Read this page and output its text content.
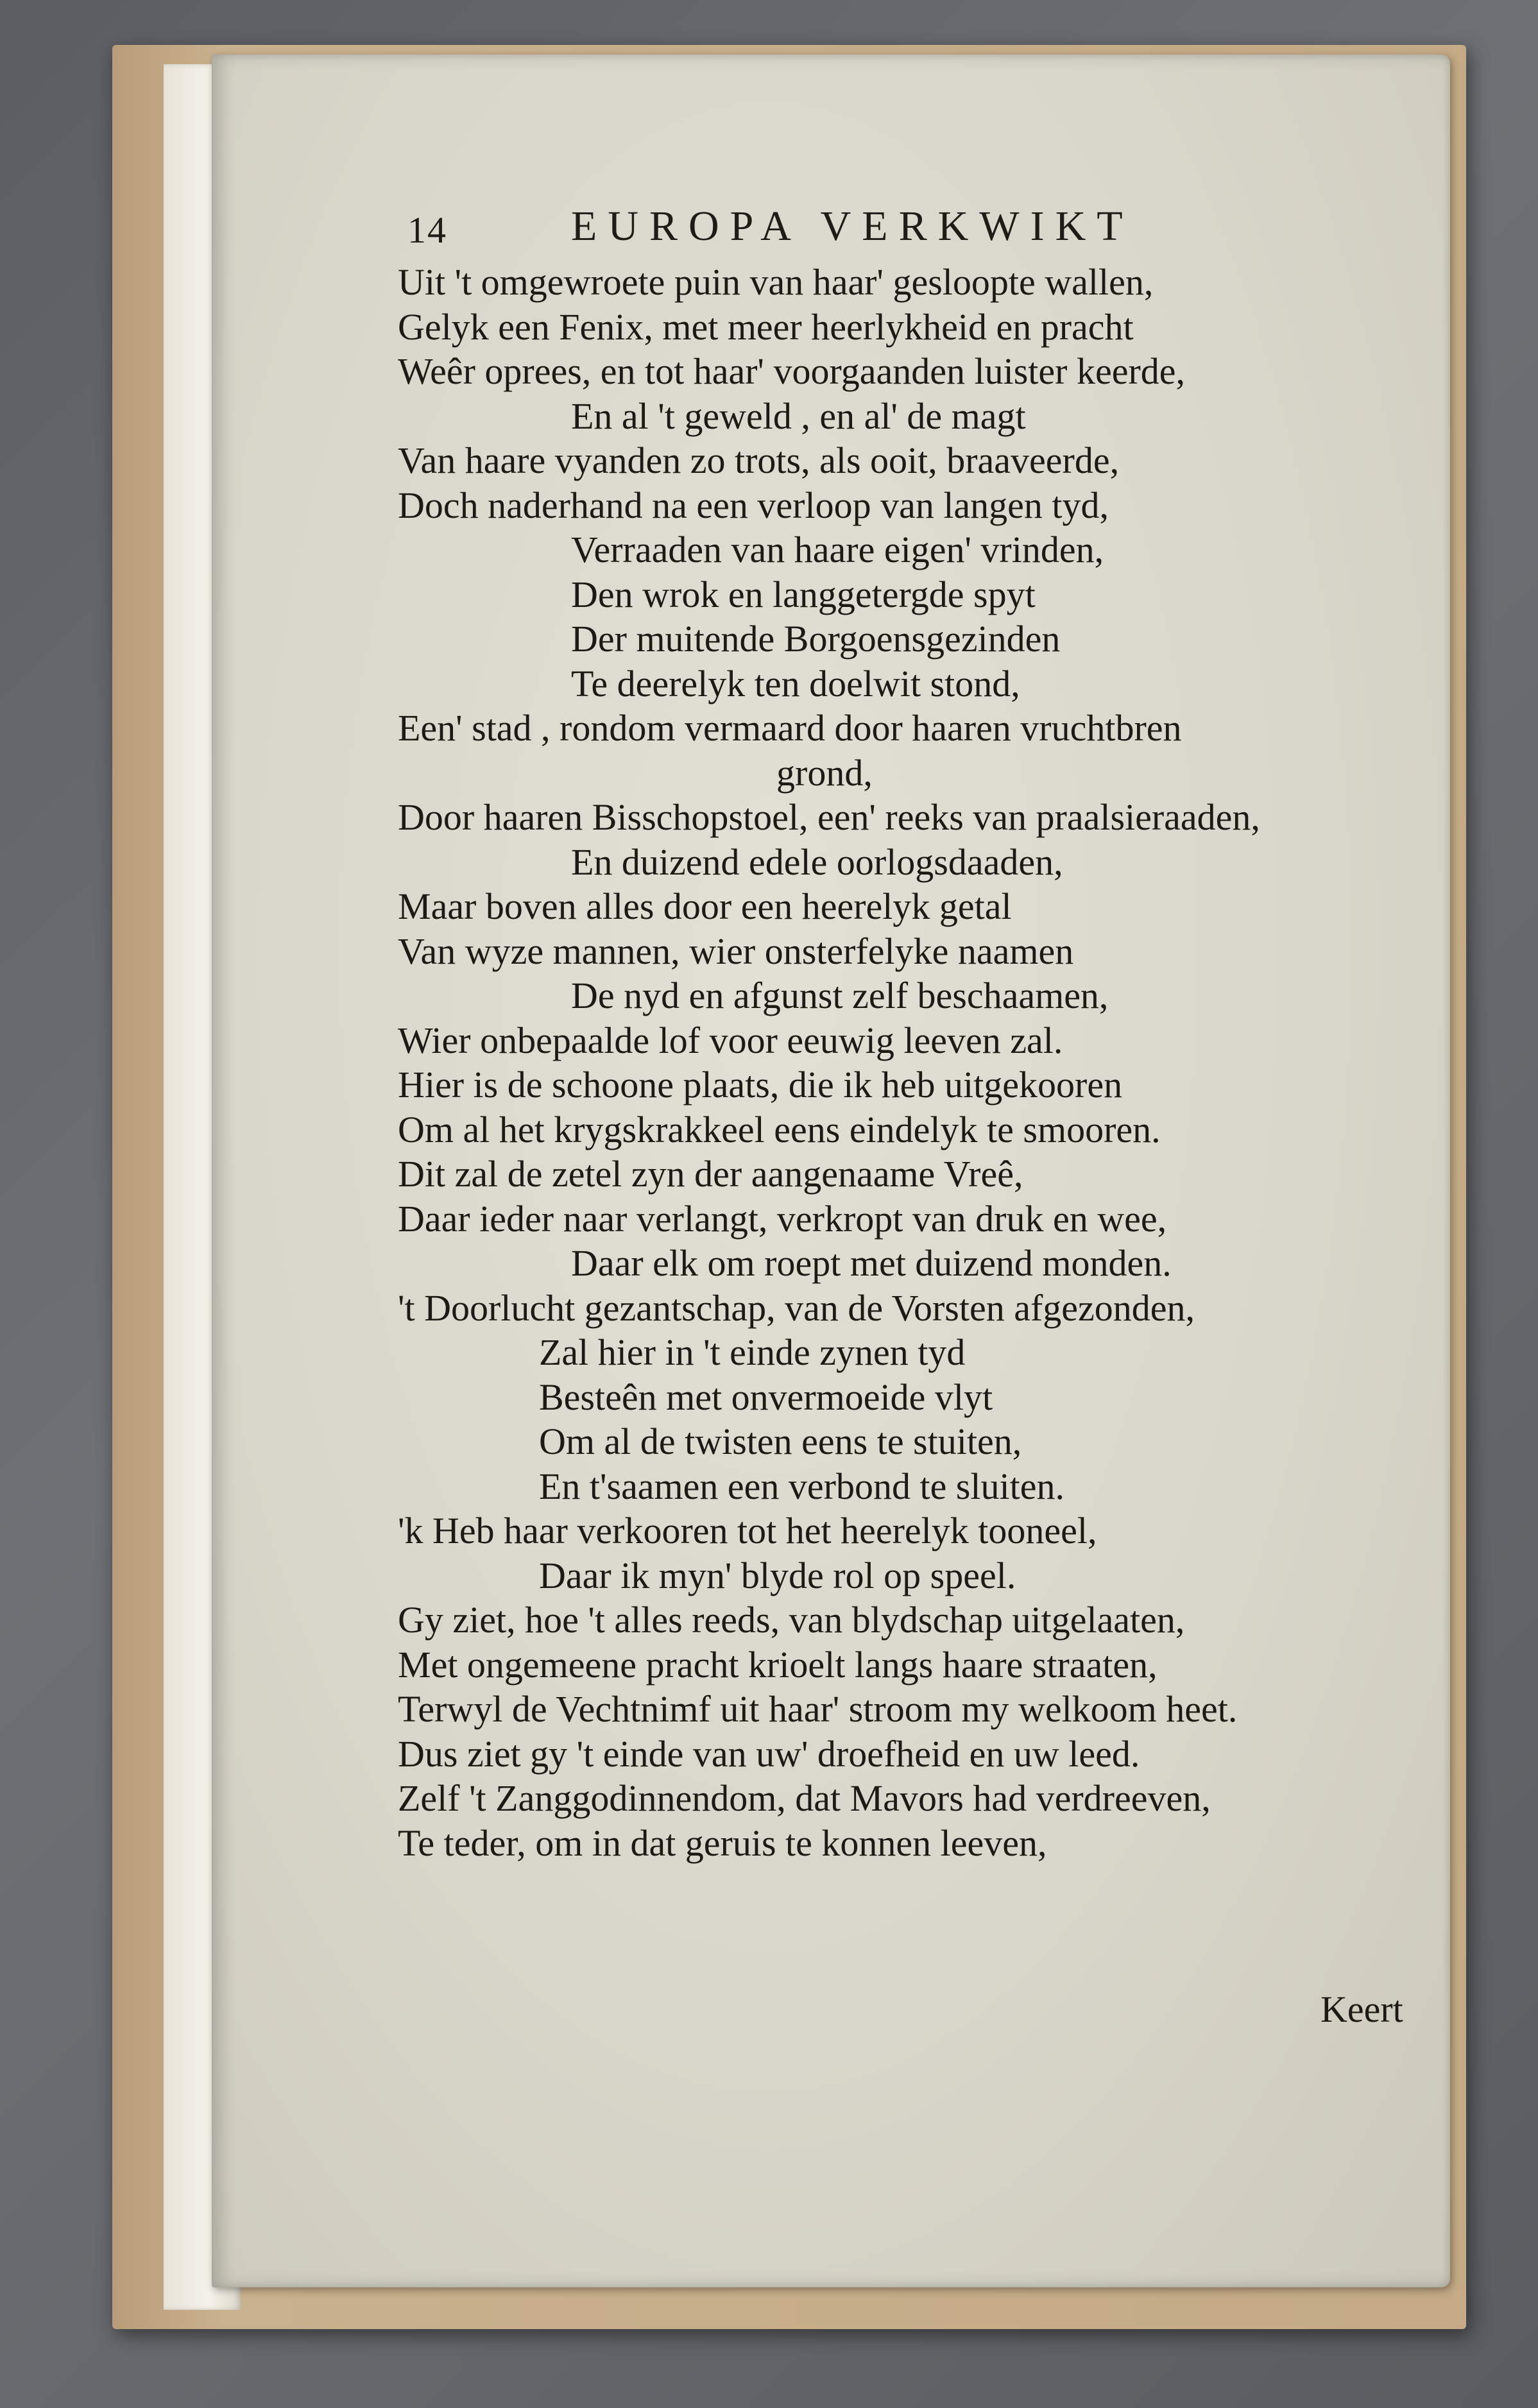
14	EUROPA VERKWIKT
Uit 't omgewroete puin van haar' gesloopte wallen,
Gelyk een Fenix, met meer heerlykheid en pracht
Weêr oprees, en tot haar' voorgaanden luister keerde,
En al 't geweld , en al' de magt
Van haare vyanden zo trots, als ooit, braaveerde,
Doch naderhand na een verloop van langen tyd,
Verraaden van haare eigen' vrinden,
Den wrok en langgetergde spyt
Der muitende Borgoensgezinden
Te deerelyk ten doelwit stond,
Een' stad , rondom vermaard door haaren vruchtbren
grond,
Door haaren Bisschopstoel, een' reeks van praalsieraaden,
En duizend edele oorlogsdaaden,
Maar boven alles door een heerelyk getal
Van wyze mannen, wier onsterfelyke naamen
De nyd en afgunst zelf beschaamen,
Wier onbepaalde lof voor eeuwig leeven zal.
Hier is de schoone plaats, die ik heb uitgekooren
Om al het krygskrakkeel eens eindelyk te smooren.
Dit zal de zetel zyn der aangenaame Vreê,
Daar ieder naar verlangt, verkropt van druk en wee,
Daar elk om roept met duizend monden.
't Doorlucht gezantschap, van de Vorsten afgezonden,
Zal hier in 't einde zynen tyd
Besteên met onvermoeide vlyt
Om al de twisten eens te stuiten,
En t'saamen een verbond te sluiten.
'k Heb haar verkooren tot het heerelyk tooneel,
Daar ik myn' blyde rol op speel.
Gy ziet, hoe 't alles reeds, van blydschap uitgelaaten,
Met ongemeene pracht krioelt langs haare straaten,
Terwyl de Vechtnimf uit haar' stroom my welkoom heet.
Dus ziet gy 't einde van uw' droefheid en uw leed.
Zelf 't Zanggodinnendom, dat Mavors had verdreeven,
Te teder, om in dat geruis te konnen leeven,
Keert
